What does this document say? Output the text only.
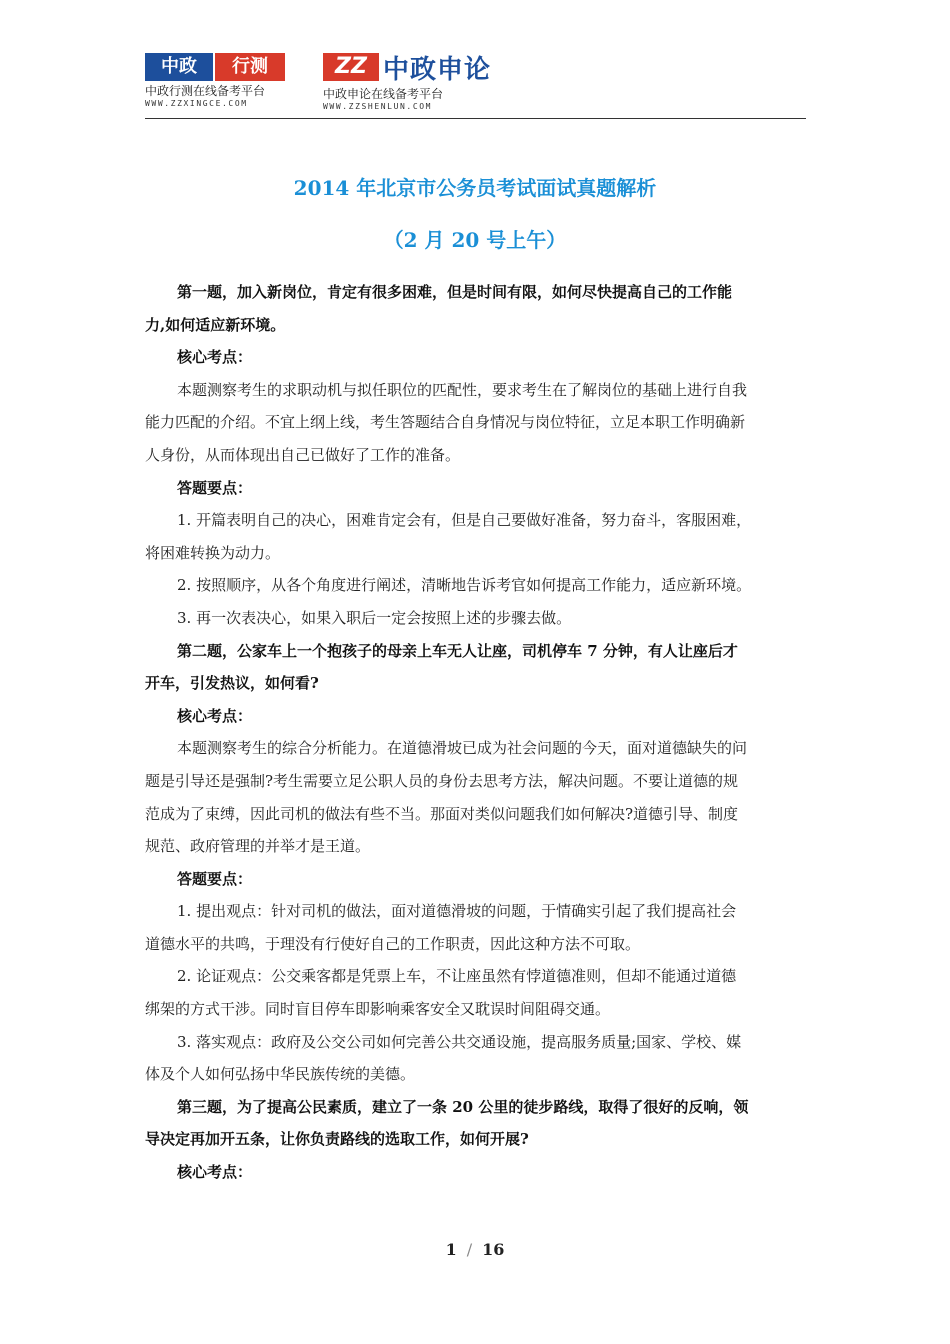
中政	行测
中政行测在线备考平台
WWW.ZZXINGCE.COM
ZZ 中政申论
中政申论在线备考平台
WWW.ZZSHENLUN.COM
2014 年北京市公务员考试面试真题解析
（2 月 20 号上午）
第一题，加入新岗位，肯定有很多困难，但是时间有限，如何尽快提高自己的工作能
力,如何适应新环境。
核心考点：
本题测察考生的求职动机与拟任职位的匹配性，要求考生在了解岗位的基础上进行自我
能力匹配的介绍。不宜上纲上线，考生答题结合自身情况与岗位特征，立足本职工作明确新
人身份，从而体现出自己已做好了工作的准备。
答题要点：
1. 开篇表明自己的决心，困难肯定会有，但是自己要做好准备，努力奋斗，客服困难，
将困难转换为动力。
2. 按照顺序，从各个角度进行阐述，清晰地告诉考官如何提高工作能力，适应新环境。
3. 再一次表决心，如果入职后一定会按照上述的步骤去做。
第二题，公家车上一个抱孩子的母亲上车无人让座，司机停车 7 分钟，有人让座后才
开车，引发热议，如何看?
核心考点：
本题测察考生的综合分析能力。在道德滑坡已成为社会问题的今天，面对道德缺失的问
题是引导还是强制?考生需要立足公职人员的身份去思考方法，解决问题。不要让道德的规
范成为了束缚，因此司机的做法有些不当。那面对类似问题我们如何解决?道德引导、制度
规范、政府管理的并举才是王道。
答题要点：
1. 提出观点：针对司机的做法，面对道德滑坡的问题，于情确实引起了我们提高社会
道德水平的共鸣，于理没有行使好自己的工作职责，因此这种方法不可取。
2. 论证观点：公交乘客都是凭票上车，不让座虽然有悖道德准则，但却不能通过道德
绑架的方式干涉。同时盲目停车即影响乘客安全又耽误时间阻碍交通。
3. 落实观点：政府及公交公司如何完善公共交通设施，提高服务质量;国家、学校、媒
体及个人如何弘扬中华民族传统的美德。
第三题，为了提高公民素质，建立了一条 20 公里的徒步路线，取得了很好的反响，领
导决定再加开五条，让你负责路线的选取工作，如何开展?
核心考点：
1 / 16
